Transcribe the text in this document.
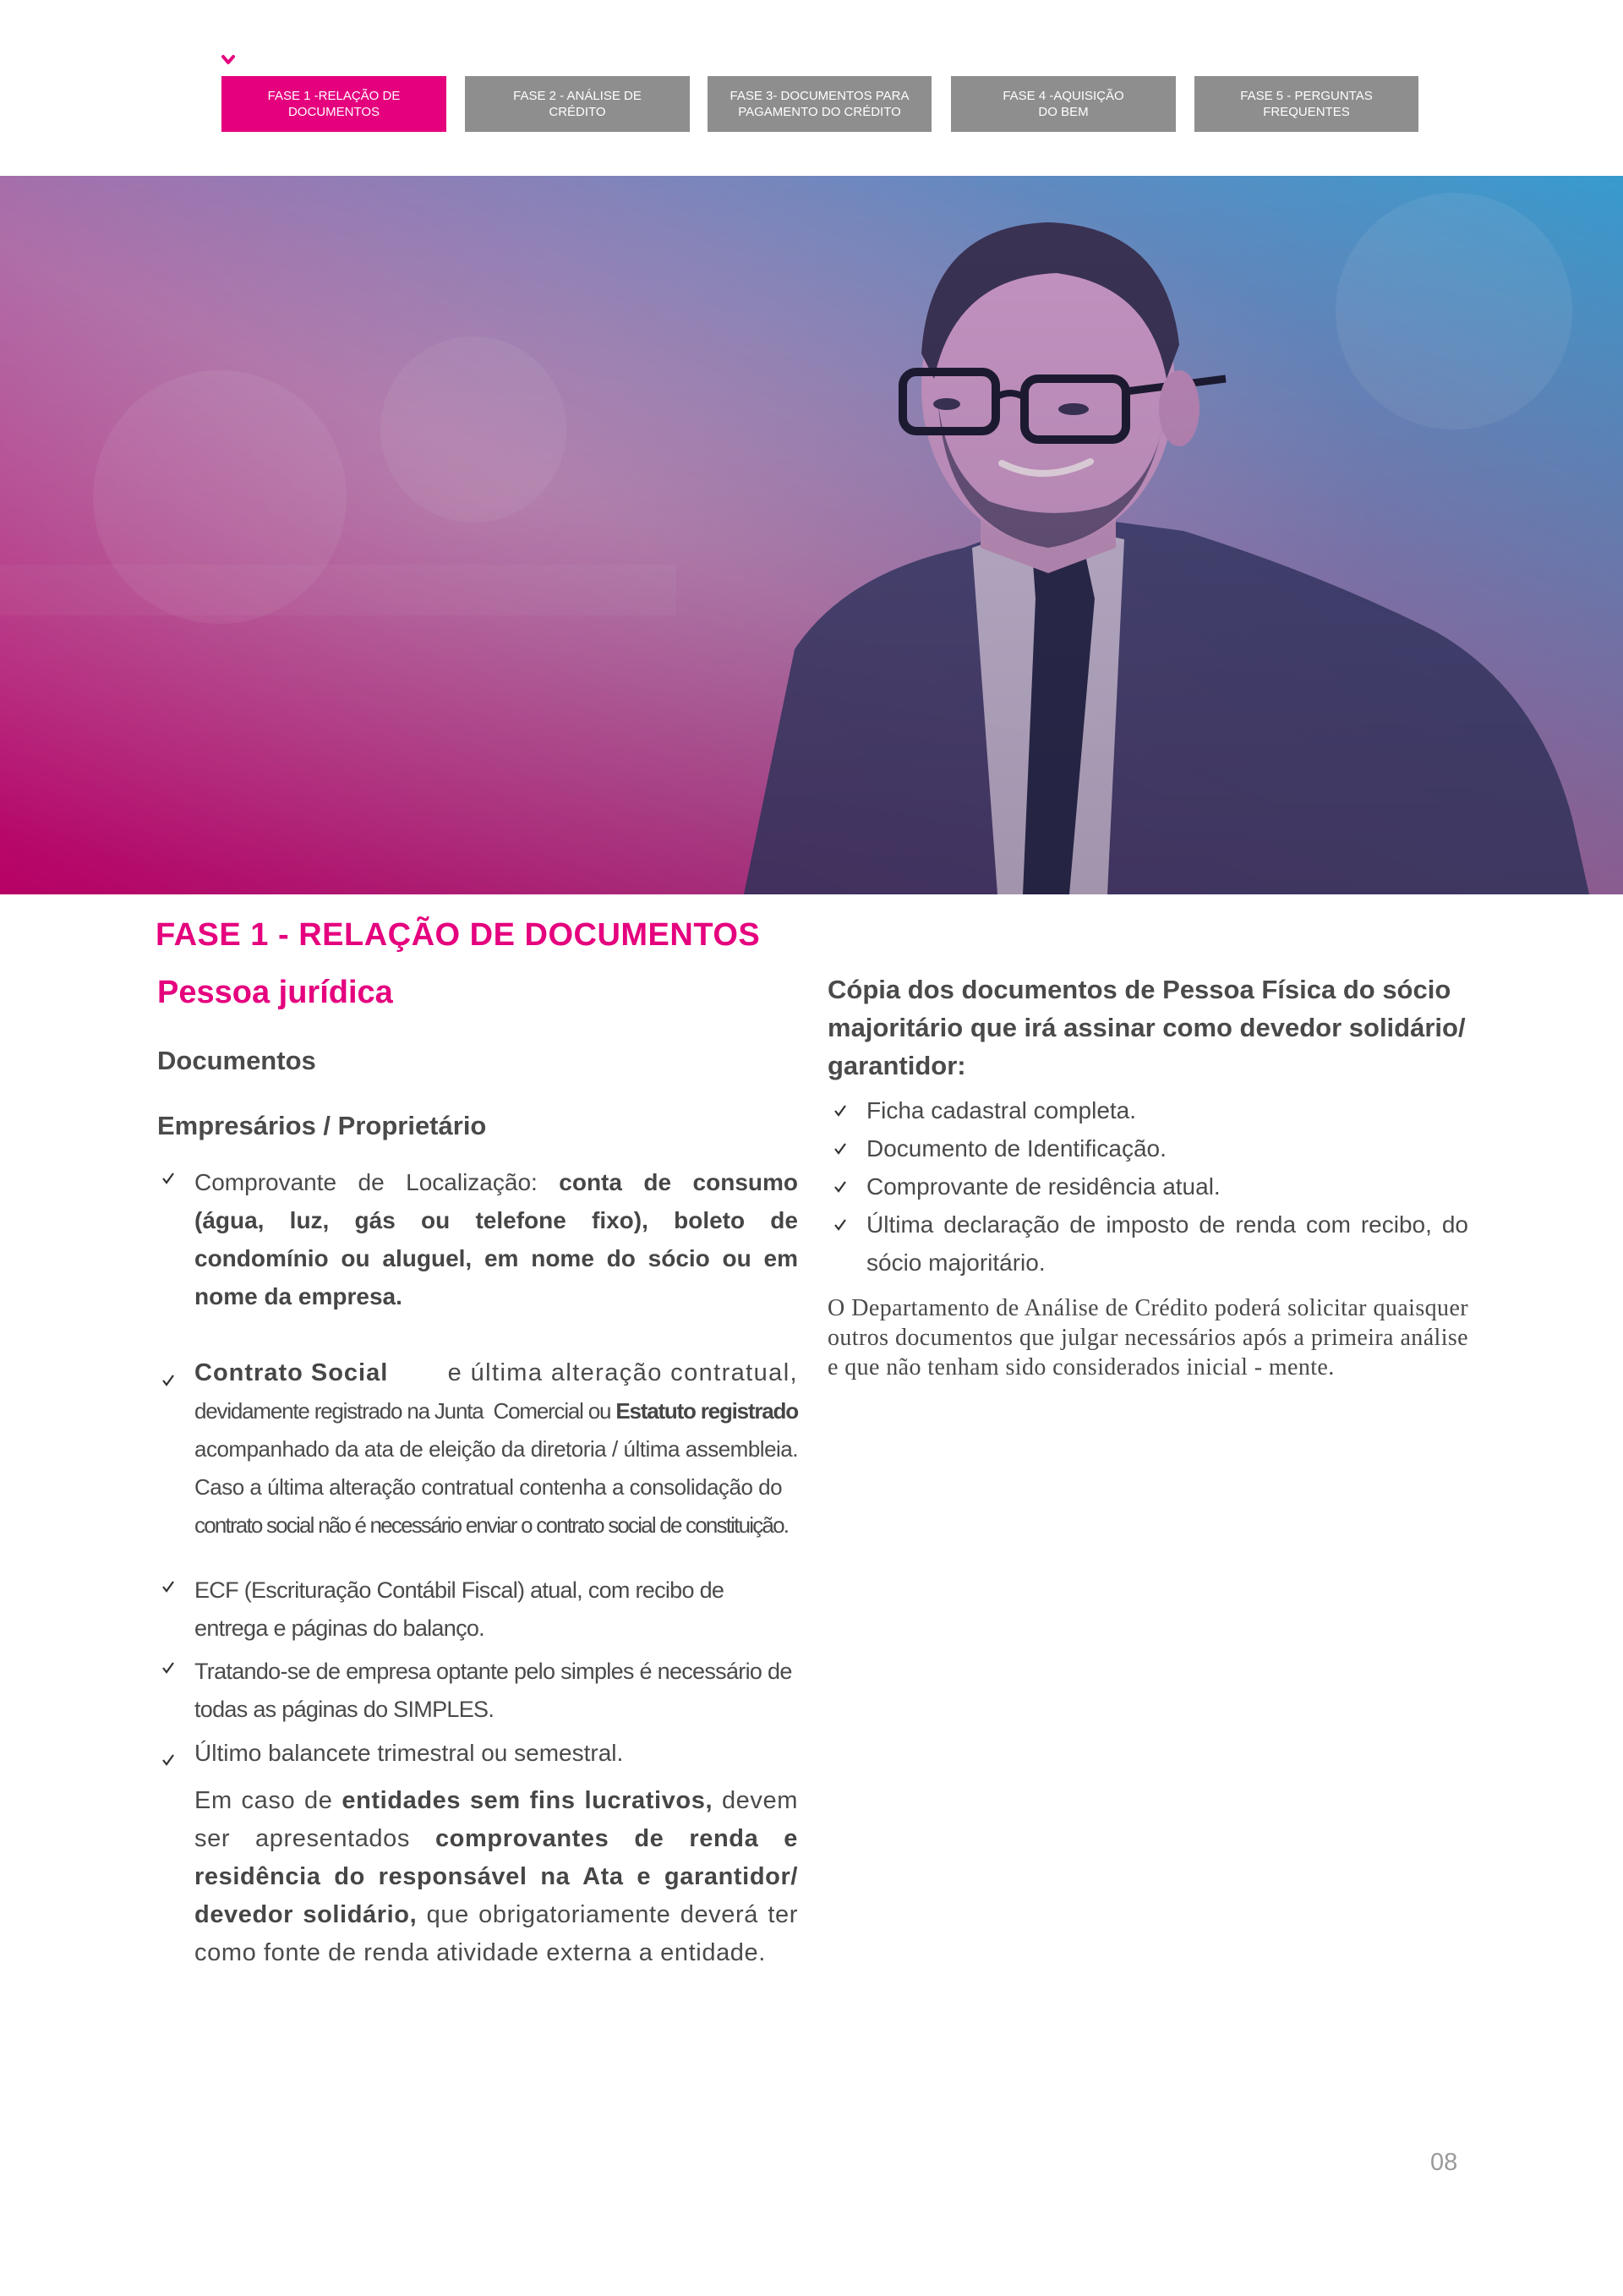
FASE 1 -RELAÇÃO DE
DOCUMENTOS
FASE 2 - ANÁLISE DE
CRÉDITO
FASE 3- DOCUMENTOS PARA
PAGAMENTO DO CRÉDITO
FASE 4 -AQUISIÇÃO
DO BEM
FASE 5 - PERGUNTAS
FREQUENTES
FASE 1 - RELAÇÃO DE DOCUMENTOS
Pessoa jurídica
Documentos
Empresários / Proprietário
Comprovante de Localização: conta de consumo (água, luz, gás ou telefone fixo), boleto de condomínio ou aluguel, em nome do sócio ou em nome da empresa.
Contrato Social e última alteração contratual,
devidamente registrado na Junta  Comercial ou Estatuto registrado
acompanhado da ata de eleição da diretoria / última assembleia. Caso a última alteração contratual contenha a consolidação do
contrato social não é necessário enviar o contrato social de constituição.
ECF (Escrituração Contábil Fiscal) atual, com recibo de entrega e páginas do balanço.
Tratando-se de empresa optante pelo simples é necessário de todas as páginas do SIMPLES.
Último balancete trimestral ou semestral.

Em caso de entidades sem fins lucrativos, devem ser apresentados comprovantes de renda e residência do responsável na Ata e garantidor/ devedor solidário, que obrigatoriamente deverá ter como fonte de renda atividade externa a entidade.

Cópia dos documentos de Pessoa Física do sócio majoritário que irá assinar como devedor solidário/ garantidor:
Ficha cadastral completa.
Documento de Identificação.
Comprovante de residência atual.
Última declaração de imposto de renda com recibo, do sócio majoritário.

O Departamento de Análise de Crédito poderá solicitar quaisquer outros documentos que julgar necessários após a primeira análise e que não tenham sido considerados inicial - mente.

08
